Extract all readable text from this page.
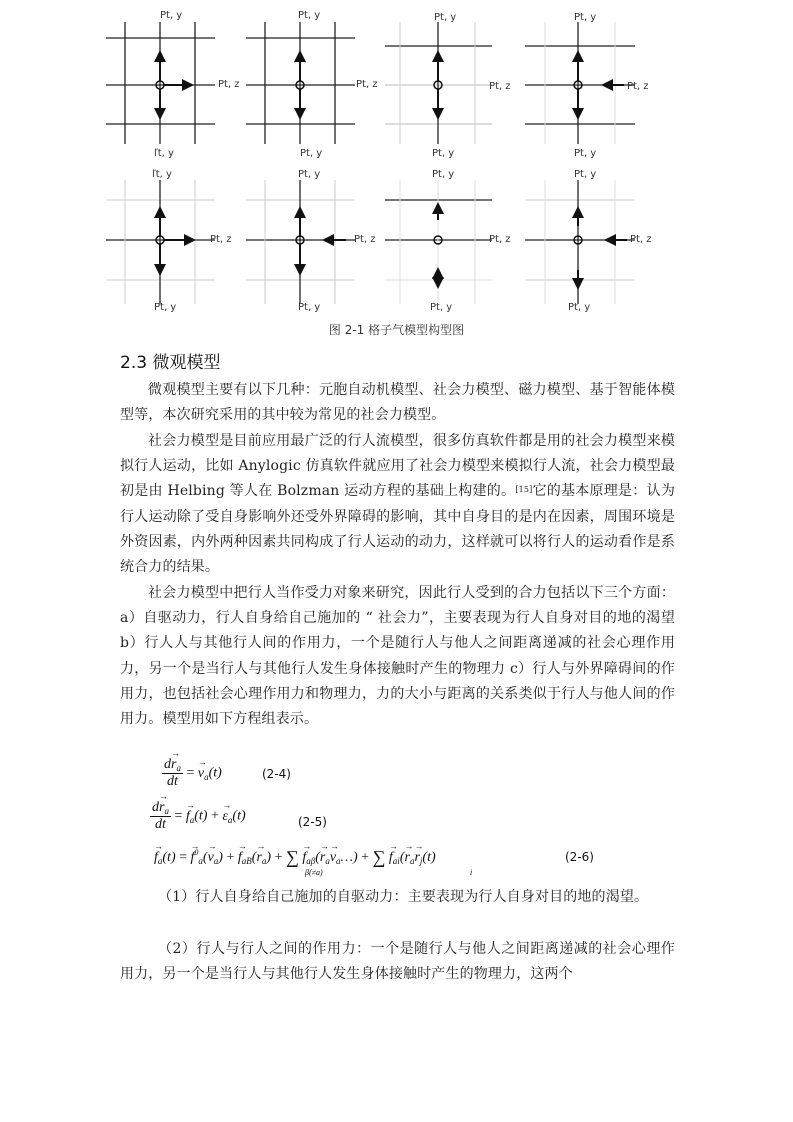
Pt, y
Pt, z
ľt, y
Pt, y
Pt, z
Pt, y
Pt, y
Pt, z
Pt, y
Pt, y
Pt, z
Pt, y
ľt, y
Pt, z
Pt, y
Pt, y
Pt, z
Pt, y
Pt, y
Pt, z
Pt, y
Pt, y
Pt, z
Pt, y
图 2-1 格子气模型构型图
2.3 微观模型
微观模型主要有以下几种：元胞自动机模型、社会力模型、磁力模型、基于智能体模型等，本次研究采用的其中较为常见的社会力模型。
社会力模型是目前应用最广泛的行人流模型，很多仿真软件都是用的社会力模型来模拟行人运动，比如 Anylogic 仿真软件就应用了社会力模型来模拟行人流，社会力模型最初是由 Helbing 等人在 Bolzman 运动方程的基础上构建的。[15]它的基本原理是：认为行人运动除了受自身影响外还受外界障碍的影响，其中自身目的是内在因素，周围环境是外资因素，内外两种因素共同构成了行人运动的动力，这样就可以将行人的运动看作是系统合力的结果。
社会力模型中把行人当作受力对象来研究，因此行人受到的合力包括以下三个方面：a）自驱动力，行人自身给自己施加的 “ 社会力”，主要表现为行人自身对目的地的渴望 b）行人人与其他行人间的作用力，一个是随行人与他人之间距离递减的社会心理作用力，另一个是当行人与其他行人发生身体接触时产生的物理力 c）行人与外界障碍间的作用力，也包括社会心理作用力和物理力，力的大小与距离的关系类似于行人与他人间的作用力。模型用如下方程组表示。
$\frac{d\to r_a}{dt}$ = → $v_a(t)$	(2-4)
$\frac{d\to r_a}{dt}$ = → $f_a(t)$ + → $\varepsilon_a(t)$	(2-5)
→ $f_a(t)$ = → $f^0_a(\to v_a)$ + → $f_{aB}(\to r_a)$ + ∑ → $f_{a\beta}(\to r_a\to$ $v_a\dots$) + ∑ → $f_{ai}(\to r_a\to r_j(t)$
β(≠a)	i
(2-6)
（1）行人自身给自己施加的自驱动力：主要表现为行人自身对目的地的渴望。
（2）行人与行人之间的作用力：一个是随行人与他人之间距离递减的社会心理作用力，另一个是当行人与其他行人发生身体接触时产生的物理力，这两个
